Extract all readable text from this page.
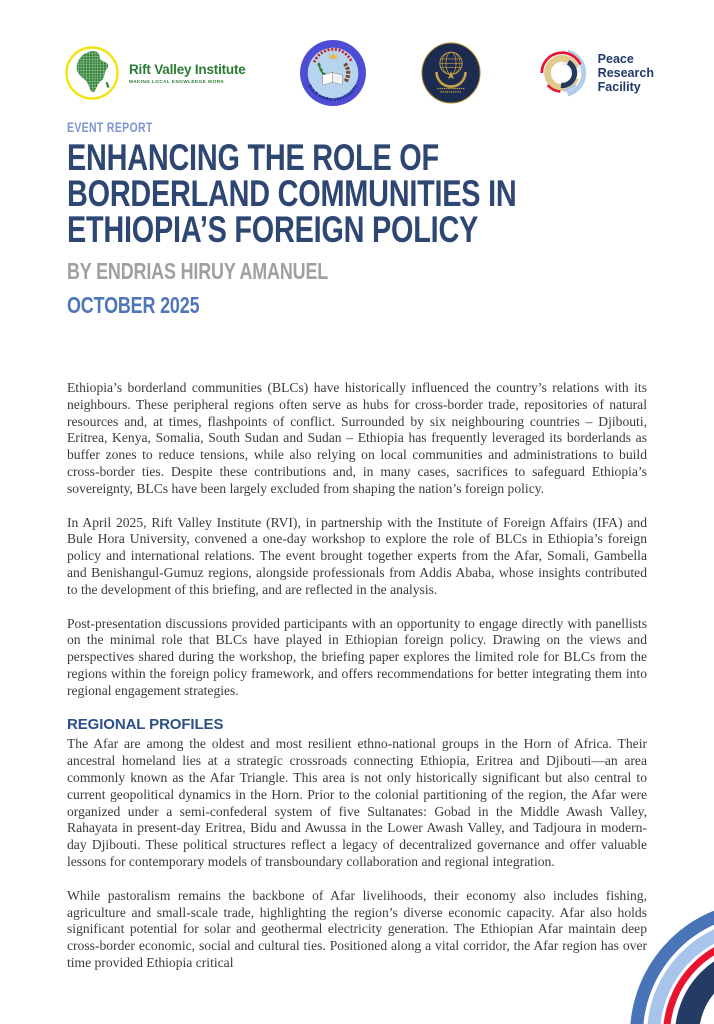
Rift Valley Institute
MAKING LOCAL KNOWLEDGE WORK
BULE HORA UNIVERSITY
Peace
Research
Facility
EVENT REPORT
ENHANCING THE ROLE OF
BORDERLAND COMMUNITIES IN
ETHIOPIA’S FOREIGN POLICY
BY ENDRIAS HIRUY AMANUEL
OCTOBER 2025

Ethiopia’s borderland communities (BLCs) have historically influenced the country’s relations with its neighbours. These peripheral regions often serve as hubs for cross-border trade, repositories of natural resources and, at times, flashpoints of conflict. Surrounded by six neighbouring countries – Djibouti, Eritrea, Kenya, Somalia, South Sudan and Sudan – Ethiopia has frequently leveraged its borderlands as buffer zones to reduce tensions, while also relying on local communities and administrations to build cross-border ties. Despite these contributions and, in many cases, sacrifices to safeguard Ethiopia’s sovereignty, BLCs have been largely excluded from shaping the nation’s foreign policy.

In April 2025, Rift Valley Institute (RVI), in partnership with the Institute of Foreign Affairs (IFA) and Bule Hora University, convened a one-day workshop to explore the role of BLCs in Ethiopia’s foreign policy and international relations. The event brought together experts from the Afar, Somali, Gambella and Benishangul-Gumuz regions, alongside professionals from Addis Ababa, whose insights contributed to the development of this briefing, and are reflected in the analysis.

Post-presentation discussions provided participants with an opportunity to engage directly with panellists on the minimal role that BLCs have played in Ethiopian foreign policy. Drawing on the views and perspectives shared during the workshop, the briefing paper explores the limited role for BLCs from the regions within the foreign policy framework, and offers recommendations for better integrating them into regional engagement strategies.

REGIONAL PROFILES

The Afar are among the oldest and most resilient ethno-national groups in the Horn of Africa. Their ancestral homeland lies at a strategic crossroads connecting Ethiopia, Eritrea and Djibouti—an area commonly known as the Afar Triangle. This area is not only historically significant but also central to current geopolitical dynamics in the Horn. Prior to the colonial partitioning of the region, the Afar were organized under a semi-confederal system of five Sultanates: Gobad in the Middle Awash Valley, Rahayata in present-day Eritrea, Bidu and Awussa in the Lower Awash Valley, and Tadjoura in modern-day Djibouti. These political structures reflect a legacy of decentralized governance and offer valuable lessons for contemporary models of transboundary collaboration and regional integration.

While pastoralism remains the backbone of Afar livelihoods, their economy also includes fishing, agriculture and small-scale trade, highlighting the region’s diverse economic capacity. Afar also holds significant potential for solar and geothermal electricity generation. The Ethiopian Afar maintain deep cross-border economic, social and cultural ties. Positioned along a vital corridor, the Afar region has over time provided Ethiopia critical
